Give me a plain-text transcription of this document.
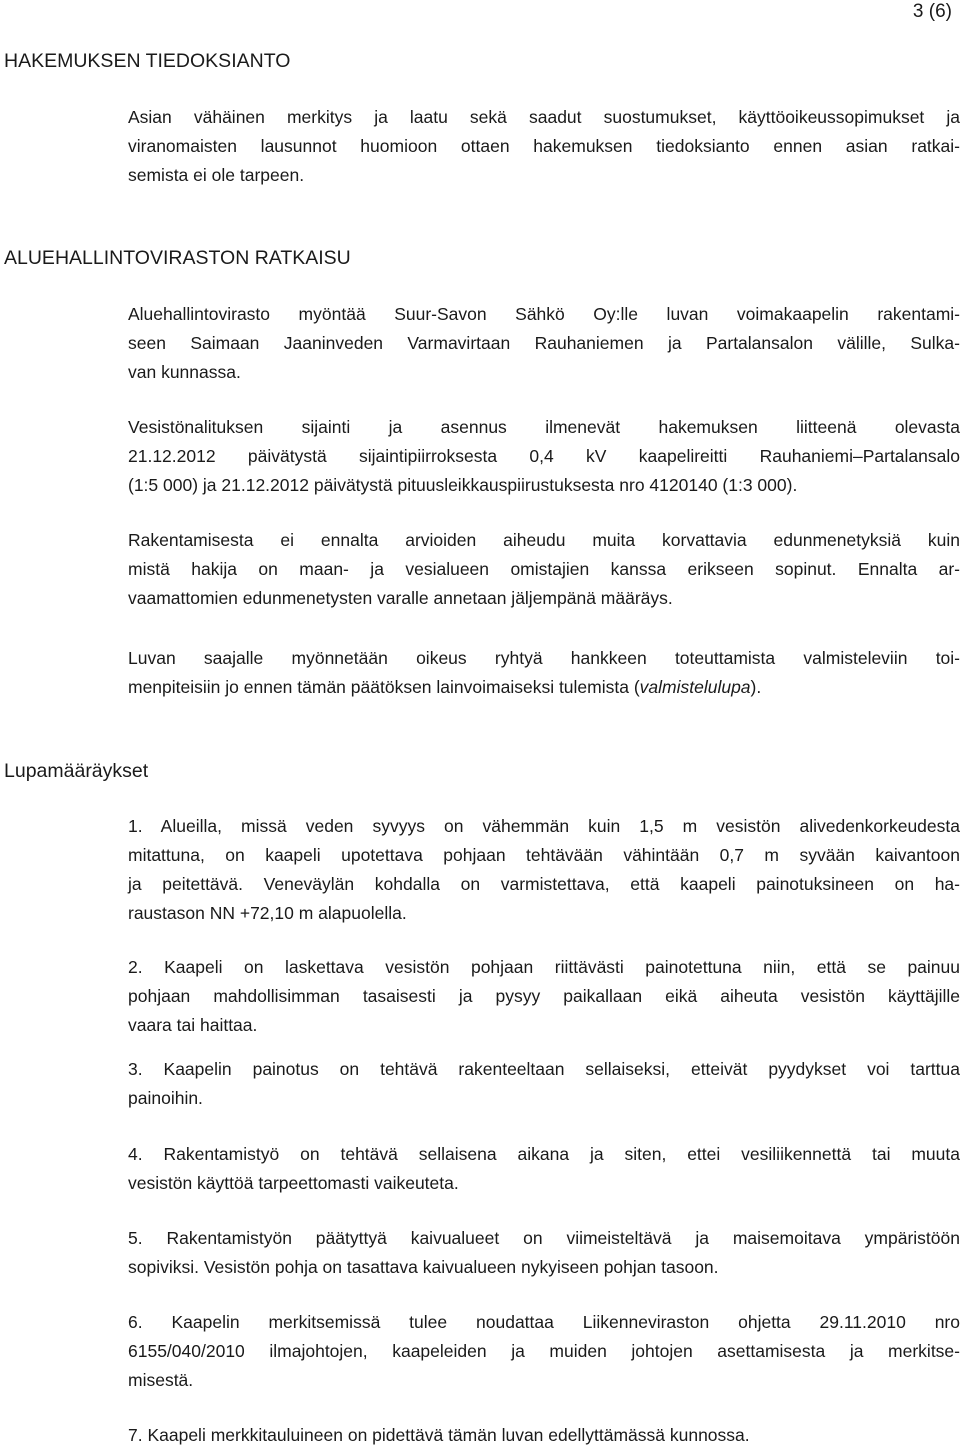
3 (6)
HAKEMUKSEN TIEDOKSIANTO
Asian vähäinen merkitys ja laatu sekä saadut suostumukset, käyttöoikeussopimukset ja
viranomaisten lausunnot huomioon ottaen hakemuksen tiedoksianto ennen asian ratkai-
semista ei ole tarpeen.
ALUEHALLINTOVIRASTON RATKAISU
Aluehallintovirasto myöntää Suur-Savon Sähkö Oy:lle luvan voimakaapelin rakentami-
seen Saimaan Jaaninveden Varmavirtaan Rauhaniemen ja Partalansalon välille, Sulka-
van kunnassa.
Vesistönalituksen sijainti ja asennus ilmenevät hakemuksen liitteenä olevasta
21.12.2012 päivätystä sijaintipiirroksesta 0,4 kV kaapelireitti Rauhaniemi–Partalansalo
(1:5 000) ja 21.12.2012 päivätystä pituusleikkauspiirustuksesta nro 4120140 (1:3 000).
Rakentamisesta ei ennalta arvioiden aiheudu muita korvattavia edunmenetyksiä kuin
mistä hakija on maan- ja vesialueen omistajien kanssa erikseen sopinut. Ennalta ar-
vaamattomien edunmenetysten varalle annetaan jäljempänä määräys.
Luvan saajalle myönnetään oikeus ryhtyä hankkeen toteuttamista valmisteleviin toi-
menpiteisiin jo ennen tämän päätöksen lainvoimaiseksi tulemista (valmistelulupa).
Lupamääräykset
1. Alueilla, missä veden syvyys on vähemmän kuin 1,5 m vesistön alivedenkorkeudesta
mitattuna, on kaapeli upotettava pohjaan tehtävään vähintään 0,7 m syvään kaivantoon
ja peitettävä. Veneväylän kohdalla on varmistettava, että kaapeli painotuksineen on ha-
raustason NN +72,10 m alapuolella.
2. Kaapeli on laskettava vesistön pohjaan riittävästi painotettuna niin, että se painuu
pohjaan mahdollisimman tasaisesti ja pysyy paikallaan eikä aiheuta vesistön käyttäjille
vaara tai haittaa.
3. Kaapelin painotus on tehtävä rakenteeltaan sellaiseksi, etteivät pyydykset voi tarttua
painoihin.
4. Rakentamistyö on tehtävä sellaisena aikana ja siten, ettei vesiliikennettä tai muuta
vesistön käyttöä tarpeettomasti vaikeuteta.
5. Rakentamistyön päätyttyä kaivualueet on viimeisteltävä ja maisemoitava ympäristöön
sopiviksi. Vesistön pohja on tasattava kaivualueen nykyiseen pohjan tasoon.
6. Kaapelin merkitsemissä tulee noudattaa Liikenneviraston ohjetta 29.11.2010 nro
6155/040/2010 ilmajohtojen, kaapeleiden ja muiden johtojen asettamisesta ja merkitse-
misestä.
7. Kaapeli merkkitauluineen on pidettävä tämän luvan edellyttämässä kunnossa.
